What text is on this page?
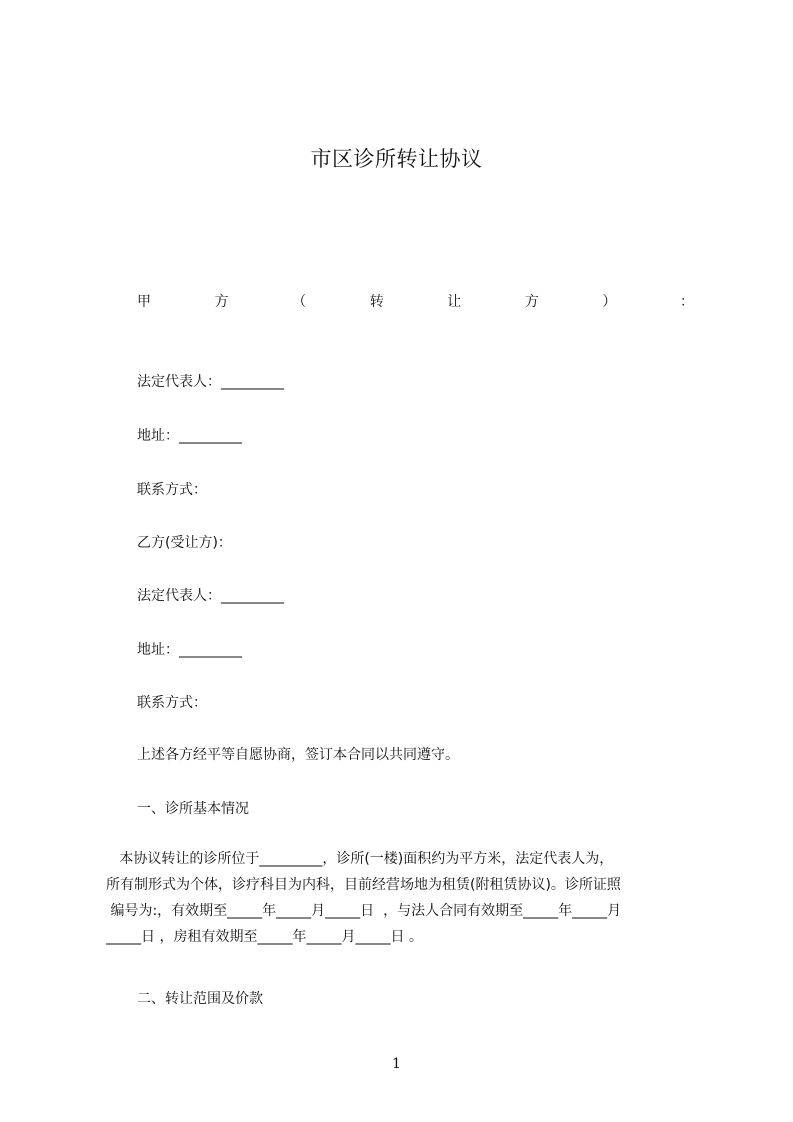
市区诊所转让协议
甲	方	（	转	让	方	）	：
法定代表人：_________
地址：_________
联系方式：
乙方(受让方)：
法定代表人：_________
地址：_________
联系方式：
上述各方经平等自愿协商，签订本合同以共同遵守。
一、诊所基本情况
本协议转让的诊所位于_________，诊所(一楼)面积约为平方米，法定代表人为，
所有制形式为个体，诊疗科目为内科，目前经营场地为租赁(附租赁协议)。诊所证照
编号为:，有效期至_____年_____月_____日  ，与法人合同有效期至_____年_____月
_____日 ，房租有效期至_____年_____月_____日 。
二、转让范围及价款
1
